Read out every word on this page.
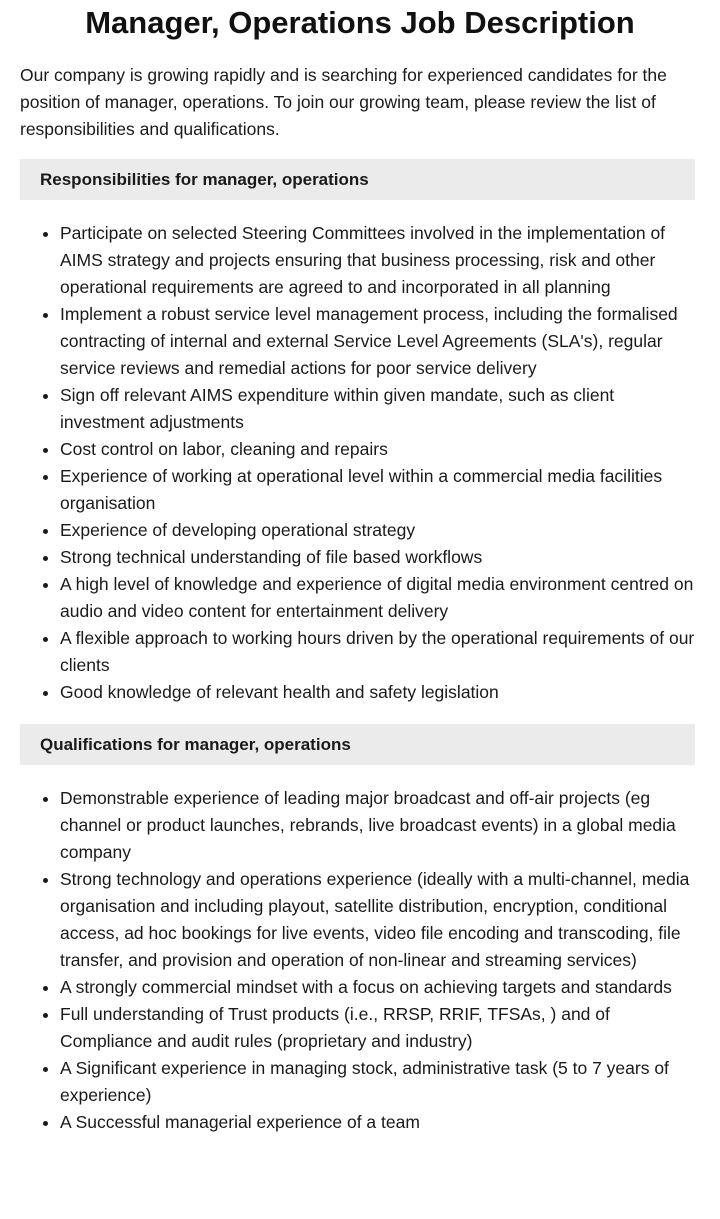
Manager, Operations Job Description

Our company is growing rapidly and is searching for experienced candidates for the position of manager, operations. To join our growing team, please review the list of responsibilities and qualifications.

Responsibilities for manager, operations
• Participate on selected Steering Committees involved in the implementation of AIMS strategy and projects ensuring that business processing, risk and other operational requirements are agreed to and incorporated in all planning
• Implement a robust service level management process, including the formalised contracting of internal and external Service Level Agreements (SLA's), regular service reviews and remedial actions for poor service delivery
• Sign off relevant AIMS expenditure within given mandate, such as client investment adjustments
• Cost control on labor, cleaning and repairs
• Experience of working at operational level within a commercial media facilities organisation
• Experience of developing operational strategy
• Strong technical understanding of file based workflows
• A high level of knowledge and experience of digital media environment centred on audio and video content for entertainment delivery
• A flexible approach to working hours driven by the operational requirements of our clients
• Good knowledge of relevant health and safety legislation
Qualifications for manager, operations
• Demonstrable experience of leading major broadcast and off-air projects (eg channel or product launches, rebrands, live broadcast events) in a global media company
• Strong technology and operations experience (ideally with a multi-channel, media organisation and including playout, satellite distribution, encryption, conditional access, ad hoc bookings for live events, video file encoding and transcoding, file transfer, and provision and operation of non-linear and streaming services)
• A strongly commercial mindset with a focus on achieving targets and standards
• Full understanding of Trust products (i.e., RRSP, RRIF, TFSAs, ) and of Compliance and audit rules (proprietary and industry)
• A Significant experience in managing stock, administrative task (5 to 7 years of experience)
• A Successful managerial experience of a team
